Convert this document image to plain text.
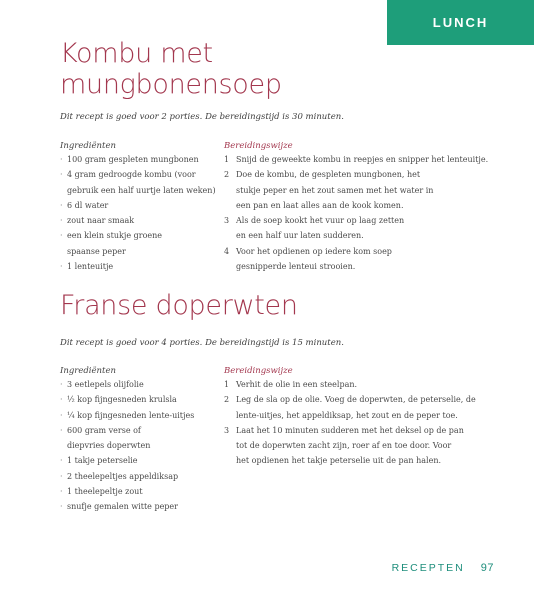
LUNCH
Kombu met
mungbonensoep
Dit recept is goed voor 2 porties. De bereidingstijd is 30 minuten.
Ingrediënten
· 100 gram gespleten mungbonen
· 4 gram gedroogde kombu (voor
gebruik een half uurtje laten weken)
· 6 dl water
· zout naar smaak
· een klein stukje groene
spaanse peper
· 1 lenteuitje
Bereidingswijze
1 Snijd de geweekte kombu in reepjes en snipper het lenteuitje.
2 Doe de kombu, de gespleten mungbonen, het
stukje peper en het zout samen met het water in
een pan en laat alles aan de kook komen.
3 Als de soep kookt het vuur op laag zetten
en een half uur laten sudderen.
4 Voor het opdienen op iedere kom soep
gesnipperde lenteui strooien.
Franse doperwten
Dit recept is goed voor 4 porties. De bereidingstijd is 15 minuten.
Ingrediënten
· 3 eetlepels olijfolie
· ½ kop fijngesneden krulsla
· ¼ kop fijngesneden lente-uitjes
· 600 gram verse of
diepvries doperwten
· 1 takje peterselie
· 2 theelepeltjes appeldiksap
· 1 theelepeltje zout
· snufje gemalen witte peper
Bereidingswijze
1 Verhit de olie in een steelpan.
2 Leg de sla op de olie. Voeg de doperwten, de peterselie, de
lente-uitjes, het appeldiksap, het zout en de peper toe.
3 Laat het 10 minuten sudderen met het deksel op de pan
tot de doperwten zacht zijn, roer af en toe door. Voor
het opdienen het takje peterselie uit de pan halen.
RECEPTEN 97
